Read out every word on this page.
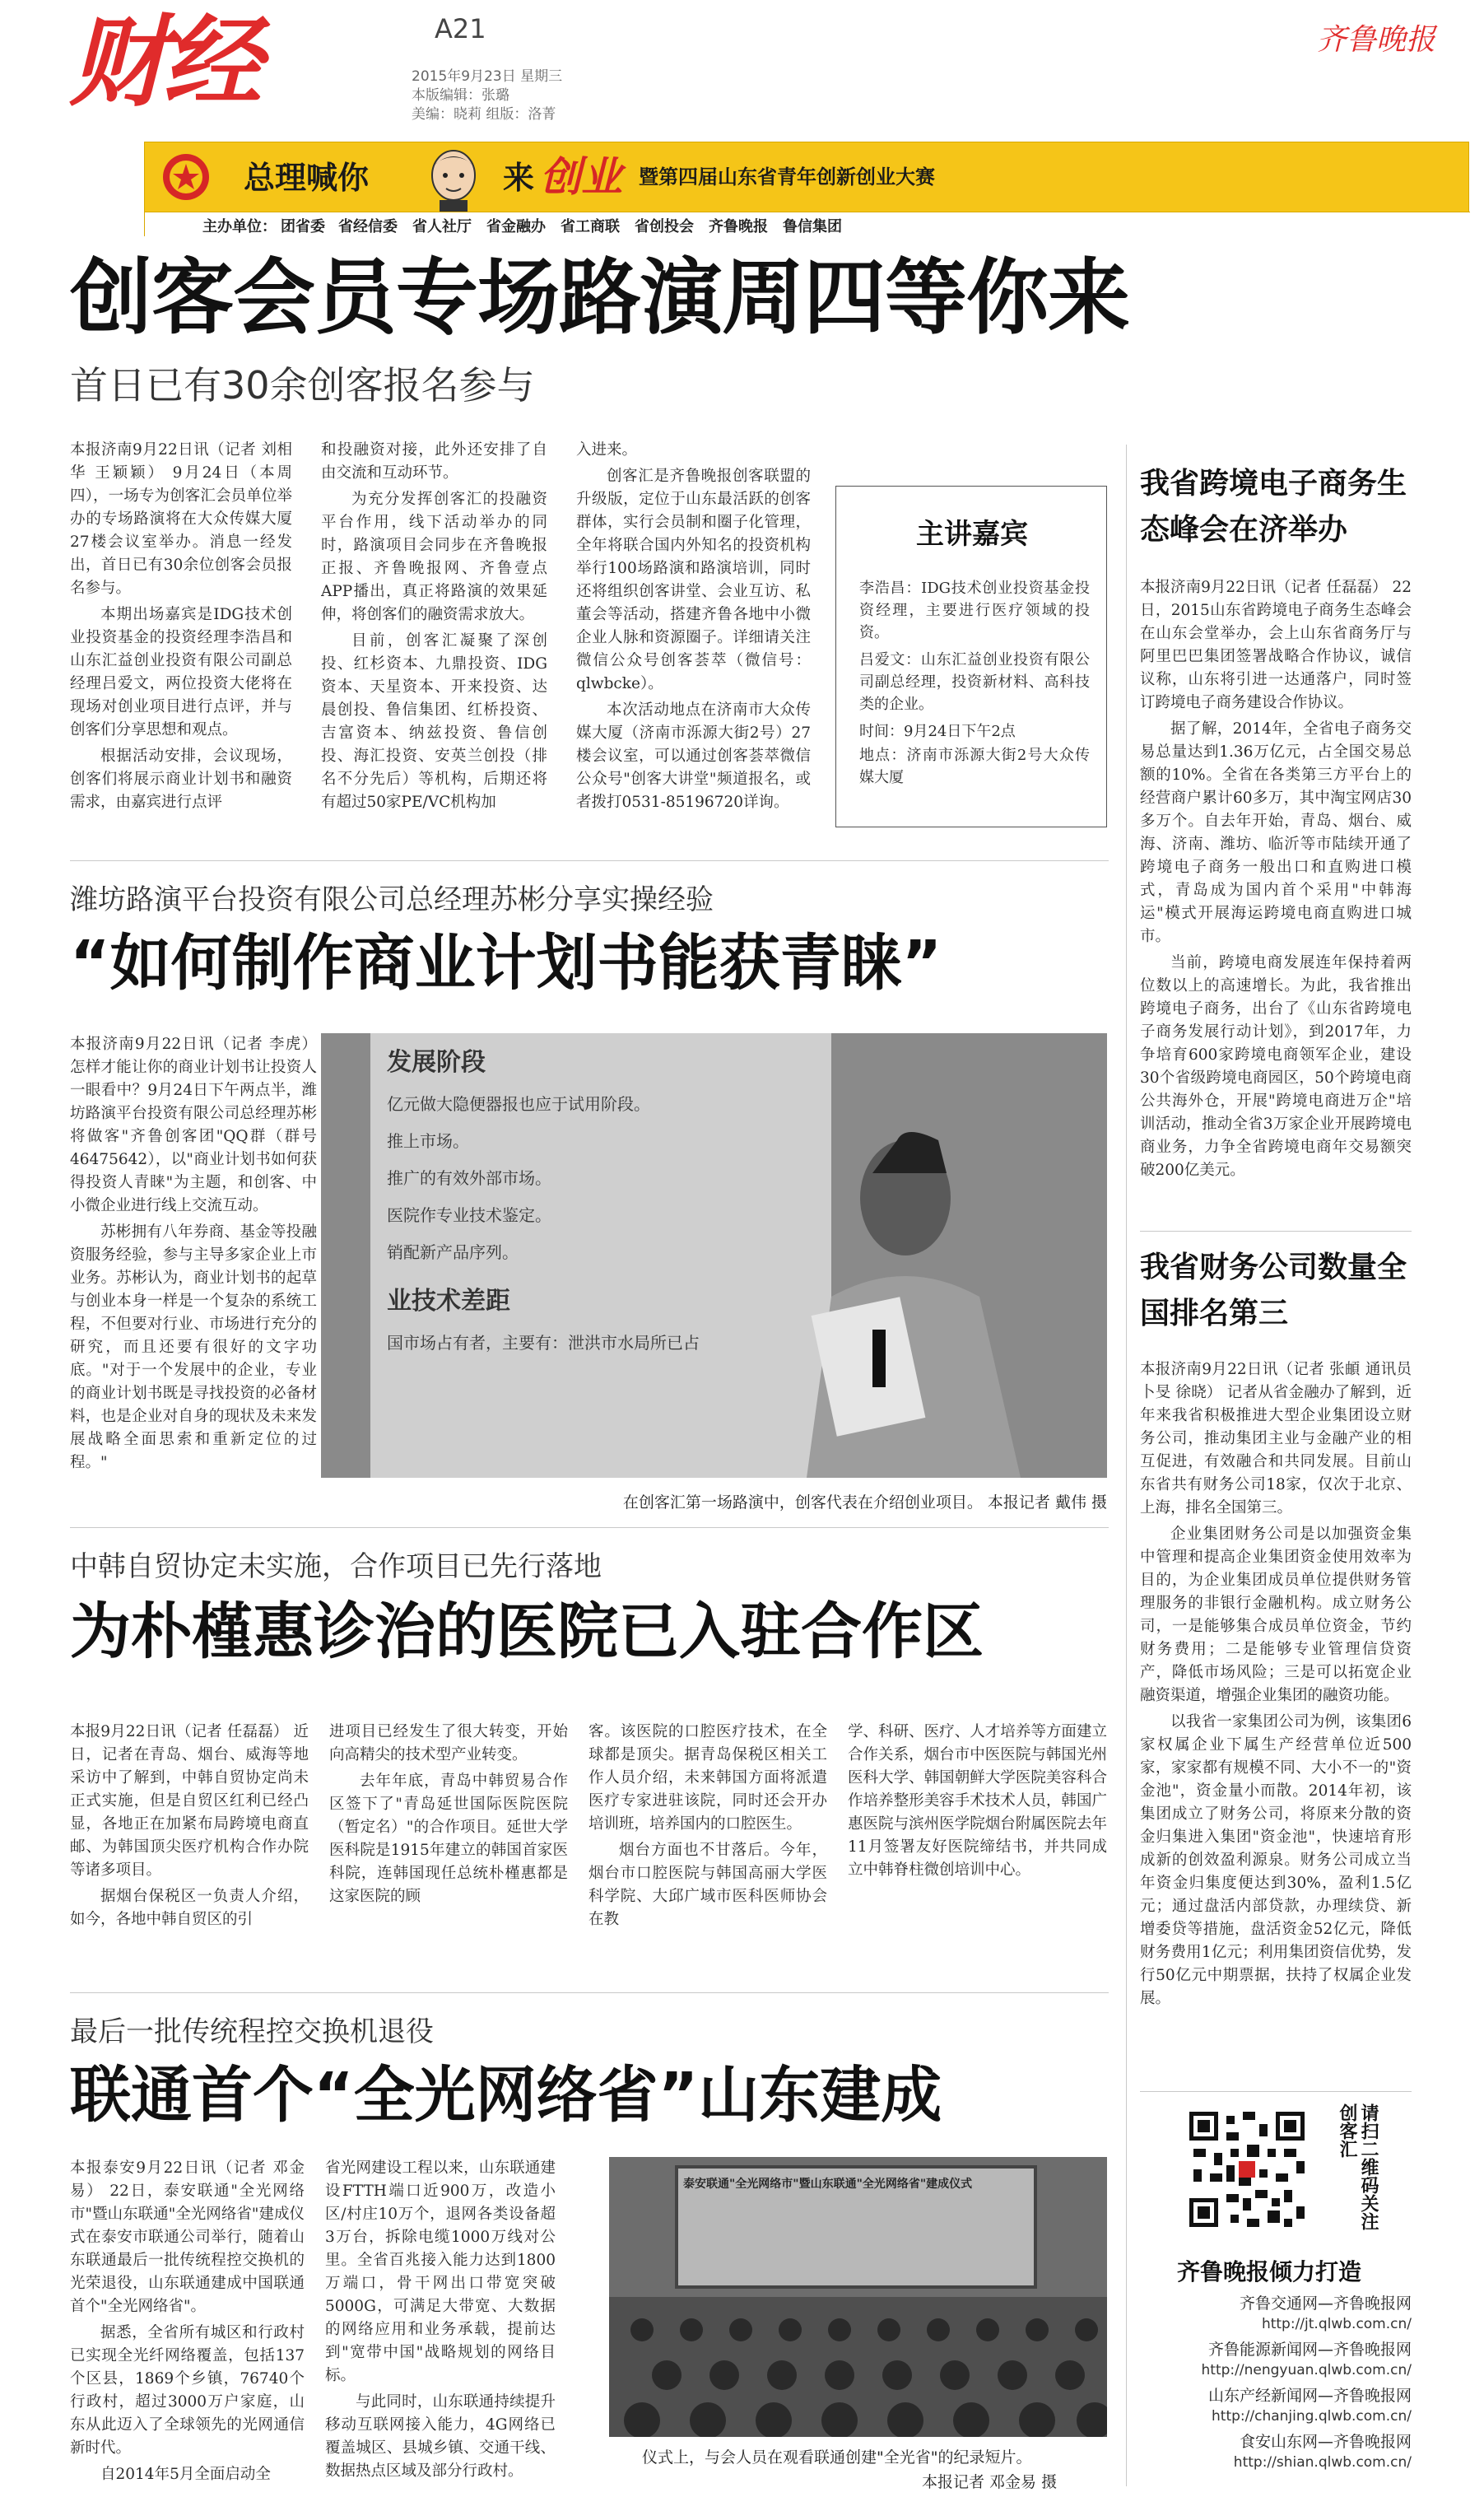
财经	A21
2015年9月23日 星期三
本版编辑：张璐
美编：晓莉 组版：洛菁
齐鲁晚报
总理喊你	来 创业 暨第四届山东省青年创新创业大赛
主办单位： 团省委 省经信委 省人社厅 省金融办 省工商联 省创投会 齐鲁晚报 鲁信集团
创客会员专场路演周四等你来
首日已有30余创客报名参与

本报济南9月22日讯（记者 刘相华 王颖颖） 9月24日（本周四），一场专为创客汇会员单位举办的专场路演将在大众传媒大厦27楼会议室举办。消息一经发出，首日已有30余位创客会员报名参与。

本期出场嘉宾是IDG技术创业投资基金的投资经理李浩昌和山东汇益创业投资有限公司副总经理吕爱文，两位投资大佬将在现场对创业项目进行点评，并与创客们分享思想和观点。

根据活动安排，会议现场，创客们将展示商业计划书和融资需求，由嘉宾进行点评

和投融资对接，此外还安排了自由交流和互动环节。

为充分发挥创客汇的投融资平台作用，线下活动举办的同时，路演项目会同步在齐鲁晚报正报、齐鲁晚报网、齐鲁壹点APP播出，真正将路演的效果延伸，将创客们的融资需求放大。

目前，创客汇凝聚了深创投、红杉资本、九鼎投资、IDG资本、天星资本、开来投资、达晨创投、鲁信集团、红桥投资、吉富资本、纳兹投资、鲁信创投、海汇投资、安英兰创投（排名不分先后）等机构，后期还将有超过50家PE/VC机构加

入进来。

创客汇是齐鲁晚报创客联盟的升级版，定位于山东最活跃的创客群体，实行会员制和圈子化管理，全年将联合国内外知名的投资机构举行100场路演和路演培训，同时还将组织创客讲堂、会业互访、私董会等活动，搭建齐鲁各地中小微企业人脉和资源圈子。详细请关注微信公众号创客荟萃（微信号：qlwbcke）。

本次活动地点在济南市大众传媒大厦（济南市泺源大街2号）27楼会议室，可以通过创客荟萃微信公众号"创客大讲堂"频道报名，或者拨打0531-85196720详询。

主讲嘉宾

李浩昌：IDG技术创业投资基金投资经理，主要进行医疗领域的投资。

吕爱文：山东汇益创业投资有限公司副总经理，投资新材料、高科技类的企业。

时间：9月24日下午2点

地点：济南市泺源大街2号大众传媒大厦

潍坊路演平台投资有限公司总经理苏彬分享实操经验
“如何制作商业计划书能获青睐”

本报济南9月22日讯（记者 李虎） 怎样才能让你的商业计划书让投资人一眼看中？9月24日下午两点半，潍坊路演平台投资有限公司总经理苏彬将做客"齐鲁创客团"QQ群（群号46475642），以"商业计划书如何获得投资人青睐"为主题，和创客、中小微企业进行线上交流互动。

苏彬拥有八年券商、基金等投融资服务经验，参与主导多家企业上市业务。苏彬认为，商业计划书的起草与创业本身一样是一个复杂的系统工程，不但要对行业、市场进行充分的研究，而且还要有很好的文字功底。"对于一个发展中的企业，专业的商业计划书既是寻找投资的必备材料，也是企业对自身的现状及未来发展战略全面思索和重新定位的过程。"

发展阶段
亿元做大隐便器报也应于试用阶段。
推上市场。
推广的有效外部市场。
医院作专业技术鉴定。
销配新产品序列。
业技术差距
国市场占有者，主要有：泄洪市水局所已占
在创客汇第一场路演中，创客代表在介绍创业项目。 本报记者 戴伟 摄
中韩自贸协定未实施，合作项目已先行落地
为朴槿惠诊治的医院已入驻合作区

本报9月22日讯（记者 任磊磊） 近日，记者在青岛、烟台、威海等地采访中了解到，中韩自贸协定尚未正式实施，但是自贸区红利已经凸显，各地正在加紧布局跨境电商直邮、为韩国顶尖医疗机构合作办院等诸多项目。

据烟台保税区一负责人介绍，如今，各地中韩自贸区的引

进项目已经发生了很大转变，开始向高精尖的技术型产业转变。

去年年底，青岛中韩贸易合作区签下了"青岛延世国际医院医院（暂定名）"的合作项目。延世大学医科院是1915年建立的韩国首家医科院，连韩国现任总统朴槿惠都是这家医院的顾

客。该医院的口腔医疗技术，在全球都是顶尖。据青岛保税区相关工作人员介绍，未来韩国方面将派遣医疗专家进驻该院，同时还会开办培训班，培养国内的口腔医生。

烟台方面也不甘落后。今年，烟台市口腔医院与韩国高丽大学医科学院、大邱广域市医科医师协会在教

学、科研、医疗、人才培养等方面建立合作关系，烟台市中医医院与韩国光州医科大学、韩国朝鲜大学医院美容科合作培养整形美容手术技术人员，韩国广惠医院与滨州医学院烟台附属医院去年11月签署友好医院缔结书，并共同成立中韩脊柱微创培训中心。

最后一批传统程控交换机退役
联通首个“全光网络省”山东建成

本报泰安9月22日讯（记者 邓金易） 22日，泰安联通"全光网络市"暨山东联通"全光网络省"建成仪式在泰安市联通公司举行，随着山东联通最后一批传统程控交换机的光荣退役，山东联通建成中国联通首个"全光网络省"。

据悉，全省所有城区和行政村已实现全光纤网络覆盖，包括137个区县，1869个乡镇，76740个行政村，超过3000万户家庭，山东从此迈入了全球领先的光网通信新时代。

自2014年5月全面启动全

省光网建设工程以来，山东联通建设FTTH端口近900万，改造小区/村庄10万个，退网各类设备超3万台，拆除电缆1000万线对公里。全省百兆接入能力达到1800万端口，骨干网出口带宽突破5000G，可满足大带宽、大数据的网络应用和业务承载，提前达到"宽带中国"战略规划的网络目标。

与此同时，山东联通持续提升移动互联网接入能力，4G网络已覆盖城区、县城乡镇、交通干线、数据热点区域及部分行政村。

泰安联通"全光网络市"暨山东联通"全光网络省"建成仪式
仪式上，与会人员在观看联通创建"全光省"的纪录短片。
本报记者 邓金易 摄
我省跨境电子商务生态峰会在济举办

本报济南9月22日讯（记者 任磊磊） 22日，2015山东省跨境电子商务生态峰会在山东会堂举办，会上山东省商务厅与阿里巴巴集团签署战略合作协议，诚信议称，山东将引进一达通落户，同时签订跨境电子商务建设合作协议。

据了解，2014年，全省电子商务交易总量达到1.36万亿元，占全国交易总额的10%。全省在各类第三方平台上的经营商户累计60多万，其中淘宝网店30多万个。自去年开始，青岛、烟台、威海、济南、潍坊、临沂等市陆续开通了跨境电子商务一般出口和直购进口模式，青岛成为国内首个采用"中韩海运"模式开展海运跨境电商直购进口城市。

当前，跨境电商发展连年保持着两位数以上的高速增长。为此，我省推出跨境电子商务，出台了《山东省跨境电子商务发展行动计划》，到2017年，力争培育600家跨境电商领军企业，建设30个省级跨境电商园区，50个跨境电商公共海外仓，开展"跨境电商进万企"培训活动，推动全省3万家企业开展跨境电商业务，力争全省跨境电商年交易额突破200亿美元。

我省财务公司数量全国排名第三

本报济南9月22日讯（记者 张頔 通讯员 卜旻 徐晓） 记者从省金融办了解到，近年来我省积极推进大型企业集团设立财务公司，推动集团主业与金融产业的相互促进，有效融合和共同发展。目前山东省共有财务公司18家，仅次于北京、上海，排名全国第三。

企业集团财务公司是以加强资金集中管理和提高企业集团资金使用效率为目的，为企业集团成员单位提供财务管理服务的非银行金融机构。成立财务公司，一是能够集合成员单位资金，节约财务费用；二是能够专业管理信贷资产，降低市场风险；三是可以拓宽企业融资渠道，增强企业集团的融资功能。

以我省一家集团公司为例，该集团6家权属企业下属生产经营单位近500家，家家都有规模不同、大小不一的"资金池"，资金量小而散。2014年初，该集团成立了财务公司，将原来分散的资金归集进入集团"资金池"，快速培育形成新的创效盈利源泉。财务公司成立当年资金归集度便达到30%，盈利1.5亿元；通过盘活内部贷款，办理续贷、新增委贷等措施，盘活资金52亿元，降低财务费用1亿元；利用集团资信优势，发行50亿元中期票据，扶持了权属企业发展。

请扫二维码关注创客汇
齐鲁晚报倾力打造
齐鲁交通网—齐鲁晚报网
http://jt.qlwb.com.cn/
齐鲁能源新闻网—齐鲁晚报网
http://nengyuan.qlwb.com.cn/
山东产经新闻网—齐鲁晚报网
http://chanjing.qlwb.com.cn/
食安山东网—齐鲁晚报网
http://shian.qlwb.com.cn/
